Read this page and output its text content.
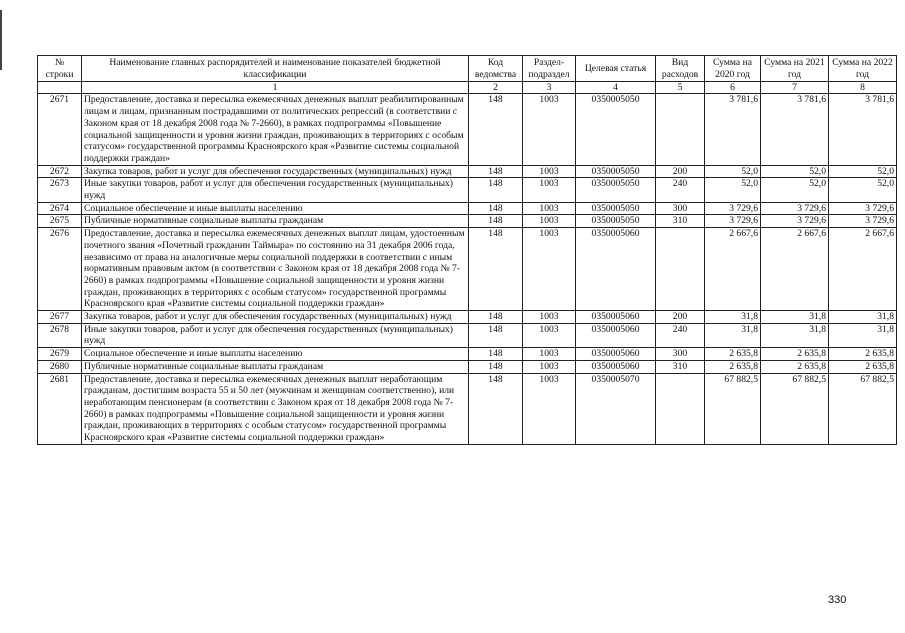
№ строки	Наименование главных распорядителей и наименование показателей бюджетной классификации	Код ведомства	Раздел-подраздел	Целевая статья	Вид расходов	Сумма на 2020 год	Сумма на 2021 год	Сумма на 2022 год
	1	2	3	4	5	6	7	8
2671	Предоставление, доставка и пересылка ежемесячных денежных выплат реабилитированным лицам и лицам, признанным пострадавшими от политических репрессий (в соответствии с Законом края от 18 декабря 2008 года № 7-2660), в рамках подпрограммы «Повышение социальной защищенности и уровня жизни граждан, проживающих в территориях с особым статусом» государственной программы Красноярского края «Развитие системы социальной поддержки граждан»	148	1003	0350005050		3 781,6	3 781,6	3 781,6
2672	Закупка товаров, работ и услуг для обеспечения государственных (муниципальных) нужд	148	1003	0350005050	200	52,0	52,0	52,0
2673	Иные закупки товаров, работ и услуг для обеспечения государственных (муниципальных) нужд	148	1003	0350005050	240	52,0	52,0	52,0
2674	Социальное обеспечение и иные выплаты населению	148	1003	0350005050	300	3 729,6	3 729,6	3 729,6
2675	Публичные нормативные социальные выплаты гражданам	148	1003	0350005050	310	3 729,6	3 729,6	3 729,6
2676	Предоставление, доставка и пересылка ежемесячных денежных выплат лицам, удостоенным почетного звания «Почетный гражданин Таймыра» по состоянию на 31 декабря 2006 года, независимо от права на аналогичные меры социальной поддержки в соответствии с иным нормативным правовым актом (в соответствии с Законом края от 18 декабря 2008 года № 7-2660) в рамках подпрограммы «Повышение социальной защищенности и уровня жизни граждан, проживающих в территориях с особым статусом» государственной программы Красноярского края «Развитие системы социальной поддержки граждан»	148	1003	0350005060		2 667,6	2 667,6	2 667,6
2677	Закупка товаров, работ и услуг для обеспечения государственных (муниципальных) нужд	148	1003	0350005060	200	31,8	31,8	31,8
2678	Иные закупки товаров, работ и услуг для обеспечения государственных (муниципальных) нужд	148	1003	0350005060	240	31,8	31,8	31,8
2679	Социальное обеспечение и иные выплаты населению	148	1003	0350005060	300	2 635,8	2 635,8	2 635,8
2680	Публичные нормативные социальные выплаты гражданам	148	1003	0350005060	310	2 635,8	2 635,8	2 635,8
2681	Предоставление, доставка и пересылка ежемесячных денежных выплат неработающим гражданам, достигшим возраста 55 и 50 лет (мужчинам и женщинам соответственно), или неработающим пенсионерам (в соответствии с Законом края от 18 декабря 2008 года № 7-2660) в рамках подпрограммы «Повышение социальной защищенности и уровня жизни граждан, проживающих в территориях с особым статусом» государственной программы Красноярского края «Развитие системы социальной поддержки граждан»	148	1003	0350005070		67 882,5	67 882,5	67 882,5
330
